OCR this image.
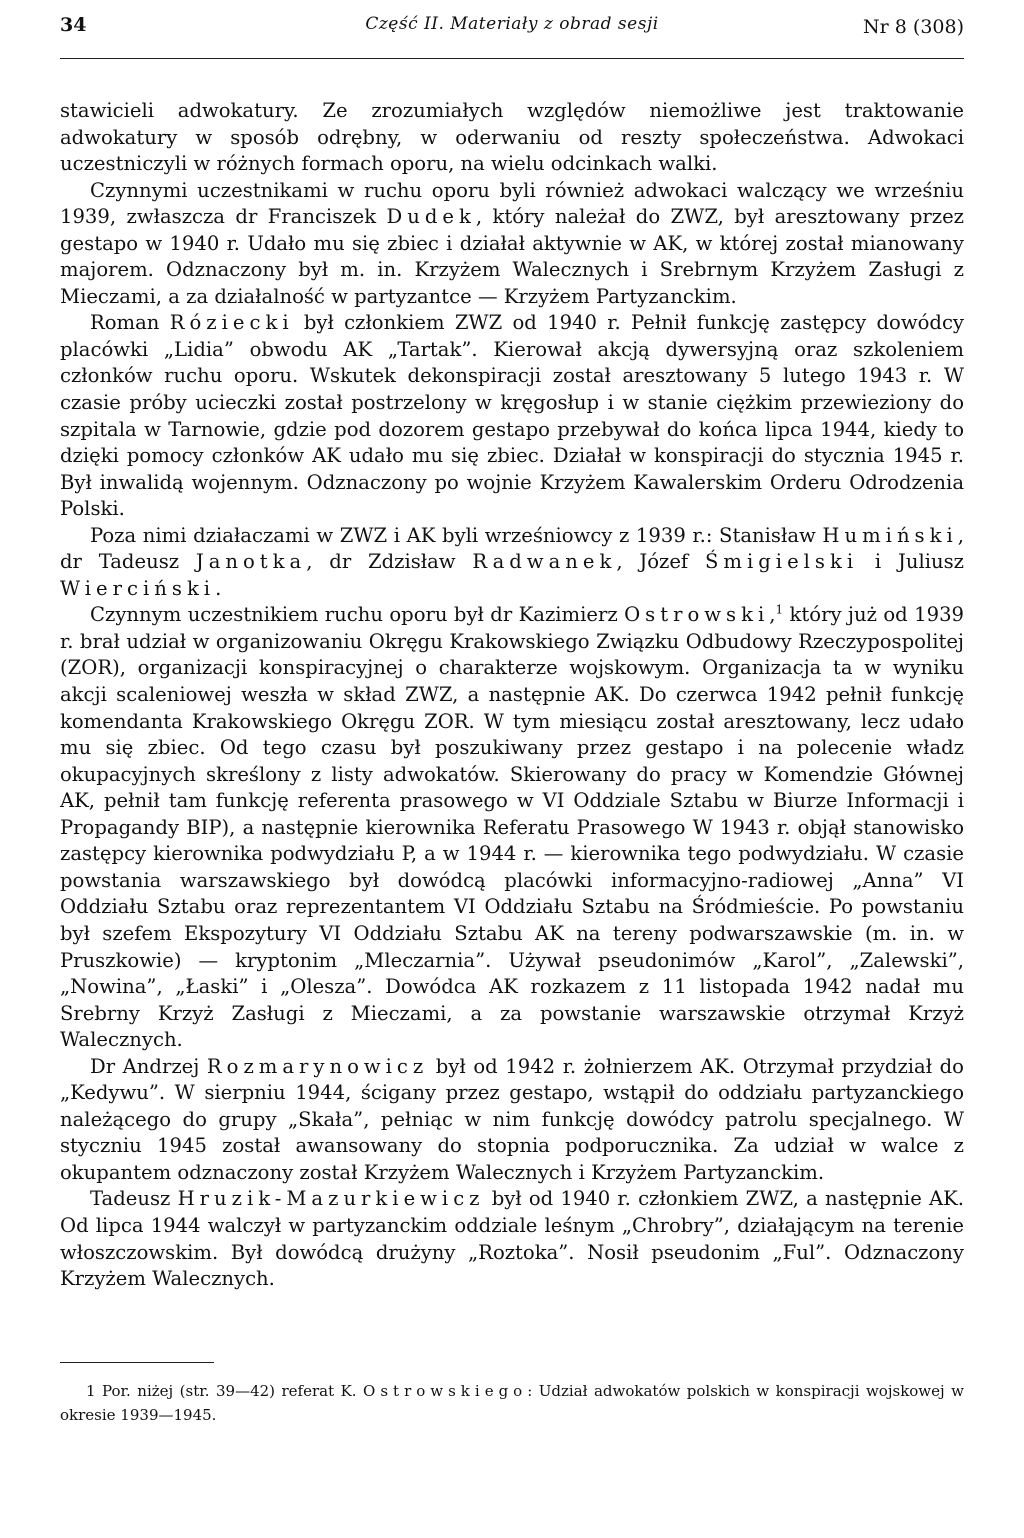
34	Część II. Materiały z obrad sesji	Nr 8 (308)

stawicieli adwokatury. Ze zrozumiałych względów niemożliwe jest traktowanie adwokatury w sposób odrębny, w oderwaniu od reszty społeczeństwa. Adwokaci uczestniczyli w różnych formach oporu, na wielu odcinkach walki.

Czynnymi uczestnikami w ruchu oporu byli również adwokaci walczący we wrześniu 1939, zwłaszcza dr Franciszek Dudek, który należał do ZWZ, był aresztowany przez gestapo w 1940 r. Udało mu się zbiec i działał aktywnie w AK, w której został mianowany majorem. Odznaczony był m. in. Krzyżem Walecznych i Srebrnym Krzyżem Zasługi z Mieczami, a za działalność w partyzantce — Krzyżem Partyzanckim.

Roman Róziecki był członkiem ZWZ od 1940 r. Pełnił funkcję zastępcy dowódcy placówki „Lidia” obwodu AK „Tartak”. Kierował akcją dywersyjną oraz szkoleniem członków ruchu oporu. Wskutek dekonspiracji został aresztowany 5 lutego 1943 r. W czasie próby ucieczki został postrzelony w kręgosłup i w stanie ciężkim przewieziony do szpitala w Tarnowie, gdzie pod dozorem gestapo przebywał do końca lipca 1944, kiedy to dzięki pomocy członków AK udało mu się zbiec. Działał w konspiracji do stycznia 1945 r. Był inwalidą wojennym. Odznaczony po wojnie Krzyżem Kawalerskim Orderu Odrodzenia Polski.

Poza nimi działaczami w ZWZ i AK byli wrześniowcy z 1939 r.: Stanisław Humiński, dr Tadeusz Janotka, dr Zdzisław Radwanek, Józef Śmigielski i Juliusz Wierciński.

Czynnym uczestnikiem ruchu oporu był dr Kazimierz Ostrowski,$^1$ który już od 1939 r. brał udział w organizowaniu Okręgu Krakowskiego Związku Odbudowy Rzeczypospolitej (ZOR), organizacji konspiracyjnej o charakterze wojskowym. Organizacja ta w wyniku akcji scaleniowej weszła w skład ZWZ, a następnie AK. Do czerwca 1942 pełnił funkcję komendanta Krakowskiego Okręgu ZOR. W tym miesiącu został aresztowany, lecz udało mu się zbiec. Od tego czasu był poszukiwany przez gestapo i na polecenie władz okupacyjnych skreślony z listy adwokatów. Skierowany do pracy w Komendzie Głównej AK, pełnił tam funkcję referenta prasowego w VI Oddziale Sztabu w Biurze Informacji i Propagandy BIP), a następnie kierownika Referatu Prasowego W 1943 r. objął stanowisko zastępcy kierownika podwydziału P, a w 1944 r. — kierownika tego podwydziału. W czasie powstania warszawskiego był dowódcą placówki informacyjno-radiowej „Anna” VI Oddziału Sztabu oraz reprezentantem VI Oddziału Sztabu na Śródmieście. Po powstaniu był szefem Ekspozytury VI Oddziału Sztabu AK na tereny podwarszawskie (m. in. w Pruszkowie) — kryptonim „Mleczarnia”. Używał pseudonimów „Karol”, „Zalewski”, „Nowina”, „Łaski” i „Olesza”. Dowódca AK rozkazem z 11 listopada 1942 nadał mu Srebrny Krzyż Zasługi z Mieczami, a za powstanie warszawskie otrzymał Krzyż Walecznych.

Dr Andrzej Rozmarynowicz był od 1942 r. żołnierzem AK. Otrzymał przydział do „Kedywu”. W sierpniu 1944, ścigany przez gestapo, wstąpił do oddziału partyzanckiego należącego do grupy „Skała”, pełniąc w nim funkcję dowódcy patrolu specjalnego. W styczniu 1945 został awansowany do stopnia podporucznika. Za udział w walce z okupantem odznaczony został Krzyżem Walecznych i Krzyżem Partyzanckim.

Tadeusz Hruzik-Mazurkiewicz był od 1940 r. członkiem ZWZ, a następnie AK. Od lipca 1944 walczył w partyzanckim oddziale leśnym „Chrobry”, działającym na terenie włoszczowskim. Był dowódcą drużyny „Roztoka”. Nosił pseudonim „Ful”. Odznaczony Krzyżem Walecznych.

1 Por. niżej (str. 39—42) referat K. Ostrowskiego: Udział adwokatów polskich w konspiracji wojskowej w okresie 1939—1945.
